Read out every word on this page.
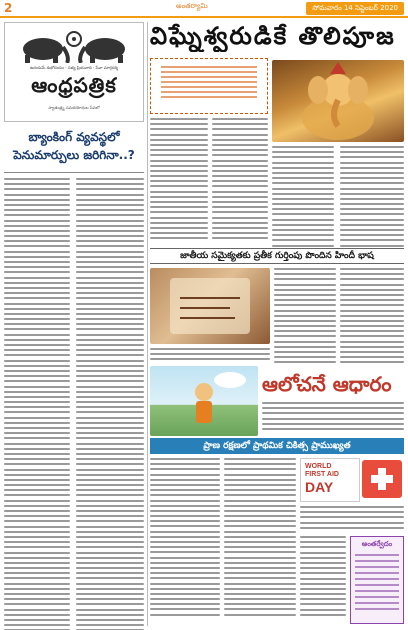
2	అంతర్యామి	సోమవారం 14 సెప్టెంబర్ 2020
ఉదయమే శుభోదయం · సత్య ప్రియవాది · సేవా మార్గదర్శి
ఆంధ్రపత్రిక
స్వాతంత్ర్య సమరయోధుల సేవలో
బ్యాంకింగ్ వ్యవస్థలో పెనుమార్పులు జరిగినా..?
విఘ్నేశ్వరుడికే తొలిపూజ
జాతీయ సమైక్యతకు ప్రతీక గుర్తింపు పొందిన హిందీ భాష
ఆలోచనే ఆధారం
ప్రాణ రక్షణలో ప్రాథమిక చికిత్స ప్రాముఖ్యత
WORLD
FIRST AID
DAY
అంతర్వేదం
